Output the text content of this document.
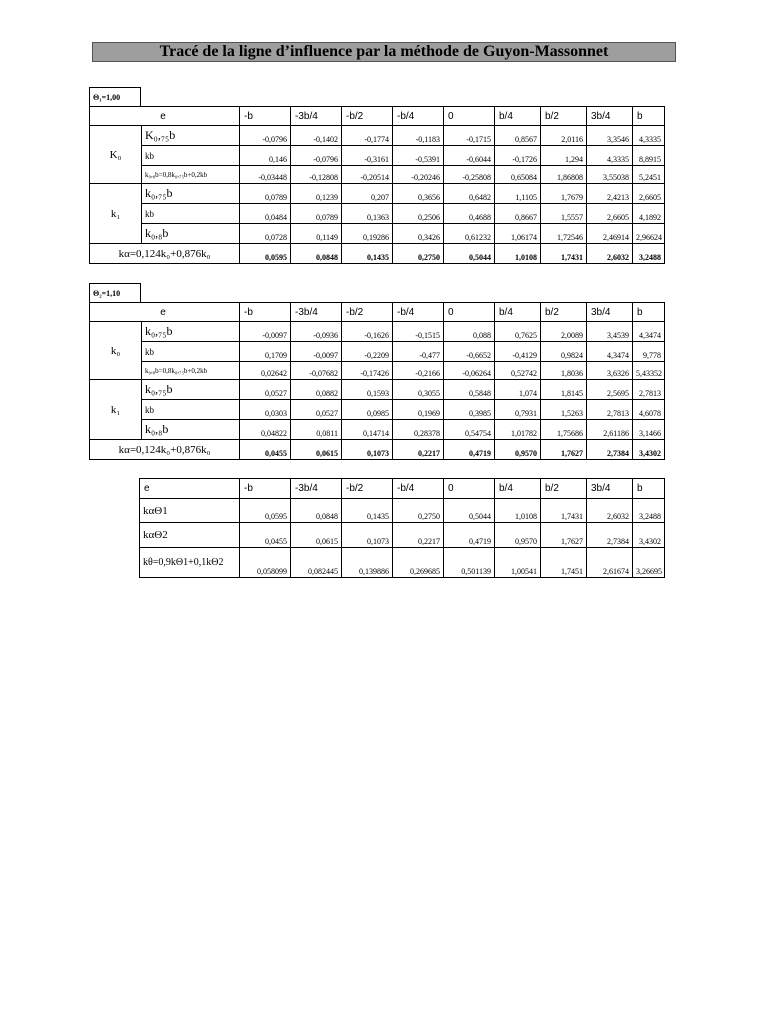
Tracé de la ligne d’influence par la méthode de Guyon-Massonnet
Θ₁=1,00
e		-b	-3b/4	-b/2	-b/4	0	b/4	b/2	3b/4	b
K₀	K₀,₇₅b	-0,0796	-0,1402	-0,1774	-0,1183	-0,1715	0,8567	2,0116	3,3546	4,3335
	kb	0,146	-0,0796	-0,3161	-0,5391	-0,6044	-0,1726	1,294	4,3335	8,8915
	k₀,₈b=0,8k₀,₇₅b+0,2kb	-0,03448	-0,12808	-0,20514	-0,20246	-0,25808	0,65084	1,86808	3,55038	5,2451
k₁	k₀,₇₅b	0,0789	0,1239	0,207	0,3656	0,6482	1,1105	1,7679	2,4213	2,6605
	kb	0,0484	0,0789	0,1363	0,2506	0,4688	0,8667	1,5557	2,6605	4,1892
	k₀,₈b	0,0728	0,1149	0,19286	0,3426	0,61232	1,06174	1,72546	2,46914	2,96624
kα=0,124k₀+0,876k₀		0,0595	0,0848	0,1435	0,2750	0,5044	1,0108	1,7431	2,6032	3,2488
Θ₂=1,10
e		-b	-3b/4	-b/2	-b/4	0	b/4	b/2	3b/4	b
k₀	k₀,₇₅b	-0,0097	-0,0936	-0,1626	-0,1515	0,088	0,7625	2,0089	3,4539	4,3474
	kb	0,1709	-0,0097	-0,2209	-0,477	-0,6652	-0,4129	0,9824	4,3474	9,778
	k₀,₈b=0,8k₀,₇₅b+0,2kb	0,02642	-0,07682	-0,17426	-0,2166	-0,06264	0,52742	1,8036	3,6326	5,43352
k₁	k₀,₇₅b	0,0527	0,0882	0,1593	0,3055	0,5848	1,074	1,8145	2,5695	2,7813
	kb	0,0303	0,0527	0,0985	0,1969	0,3985	0,7931	1,5263	2,7813	4,6078
	k₀,₈b	0,04822	0,0811	0,14714	0,28378	0,54754	1,01782	1,75686	2,61186	3,1466
kα=0,124k₀+0,876k₀		0,0455	0,0615	0,1073	0,2217	0,4719	0,9570	1,7627	2,7384	3,4302
e	-b	-3b/4	-b/2	-b/4	0	b/4	b/2	3b/4	b
kαΘ1	0,0595	0,0848	0,1435	0,2750	0,5044	1,0108	1,7431	2,6032	3,2488
kαΘ2	0,0455	0,0615	0,1073	0,2217	0,4719	0,9570	1,7627	2,7384	3,4302
kθ=0,9kΘ1+0,1kΘ2	0,058099	0,082445	0,139886	0,269685	0,501139	1,00541	1,7451	2,61674	3,26695
